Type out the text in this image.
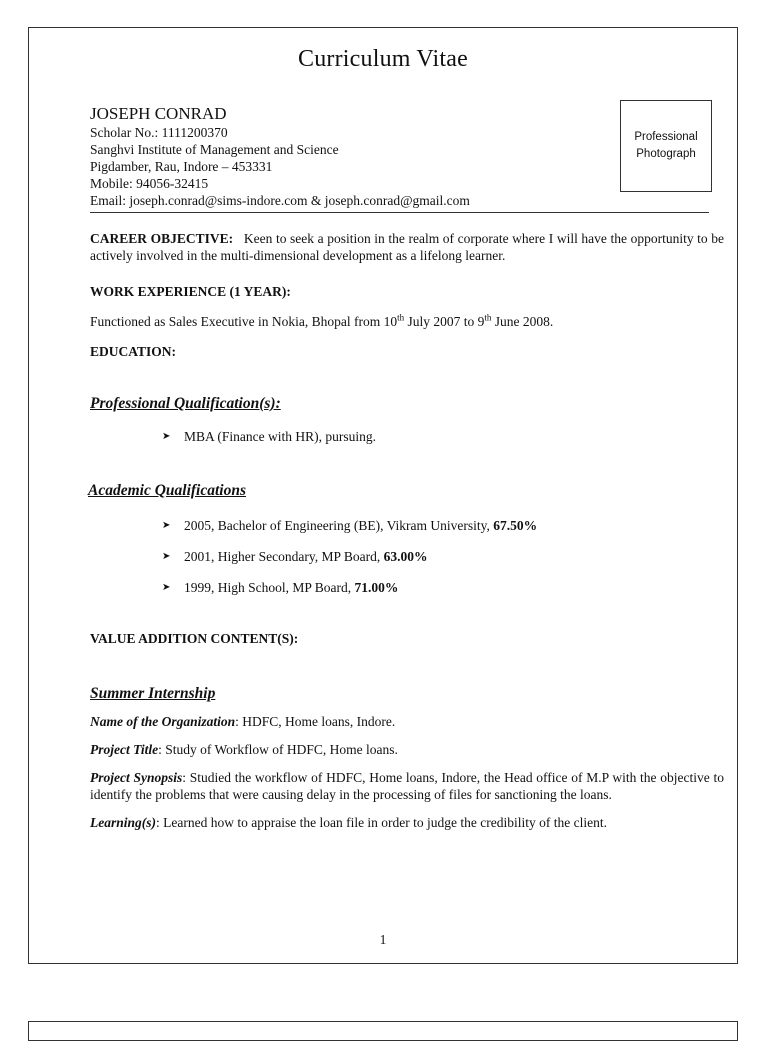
Curriculum Vitae
JOSEPH CONRAD
Scholar No.: 1111200370
Sanghvi Institute of Management and Science
Pigdamber, Rau, Indore – 453331
Mobile: 94056-32415
Email: joseph.conrad@sims-indore.com & joseph.conrad@gmail.com
Professional Photograph

CAREER OBJECTIVE: Keen to seek a position in the realm of corporate where I will have the opportunity to be actively involved in the multi-dimensional development as a lifelong learner.

WORK EXPERIENCE (1 YEAR):

Functioned as Sales Executive in Nokia, Bhopal from 10th July 2007 to 9th June 2008.

EDUCATION:

Professional Qualification(s):

➤ MBA (Finance with HR), pursuing.

Academic Qualifications

➤ 2005, Bachelor of Engineering (BE), Vikram University, 67.50%
➤ 2001, Higher Secondary, MP Board, 63.00%
➤ 1999, High School, MP Board, 71.00%

VALUE ADDITION CONTENT(S):

Summer Internship

Name of the Organization: HDFC, Home loans, Indore.

Project Title: Study of Workflow of HDFC, Home loans.

Project Synopsis: Studied the workflow of HDFC, Home loans, Indore, the Head office of M.P with the objective to identify the problems that were causing delay in the processing of files for sanctioning the loans.

Learning(s): Learned how to appraise the loan file in order to judge the credibility of the client.

1
